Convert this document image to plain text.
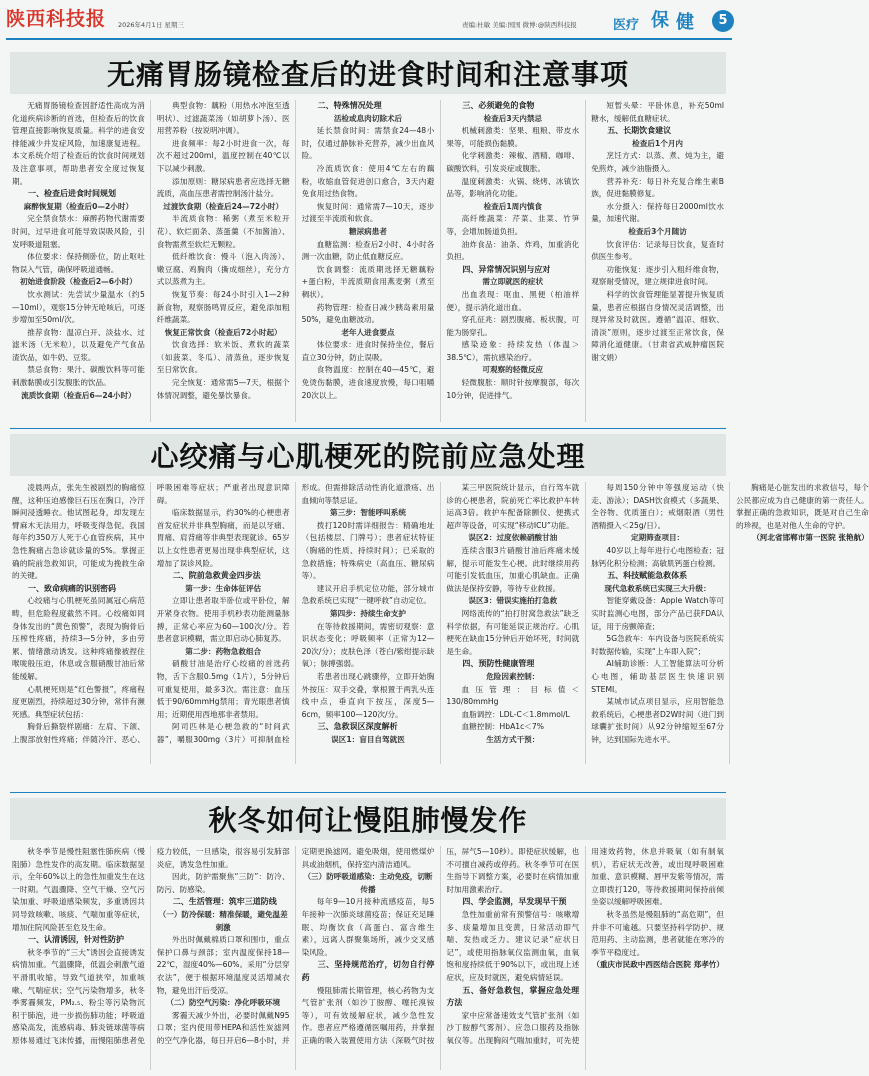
陕西科技报 2026年4月1日 星期三	责编:杜敏 美编:国国 微博:@陕西科技报	医疗 保 健	5
无痛胃肠镜检查后的进食时间和注意事项

无痛胃肠镜检查因舒适性高成为消化道疾病诊断的首选，但检查后的饮食管理直接影响恢复质量。科学的进食安排能减少并发症风险，加速康复进程。本文系统介绍了检查后的饮食时间规划及注意事项，帮助患者安全度过恢复期。

一、检查后进食时间规划
麻醉恢复期（检查后0—2小时）

完全禁食禁水：麻醉药物代谢需要时间，过早进食可能导致误吸风险，引发呼吸道阻塞。

体位要求：保持侧卧位，防止呕吐物误入气管，确保呼吸道通畅。

初始进食阶段（检查后2—6小时）

饮水测试：先尝试少量温水（约5—10ml），观察15分钟无呛咳后，可逐步增加至50ml/次。

推荐食物：温凉白开、淡盐水、过滤米汤（无米粒），以及避免产气食品渣饮品，如牛奶、豆浆。

禁忌食物：果汁、碳酸饮料等可能刺激黏膜或引发腹胀的饮品。

流质饮食期（检查后6—24小时）

典型食物：藕粉（用热水冲泡至透明状）、过滤蔬菜汤（如胡萝卜汤）、医用营养粉（按说明冲调）。

进食频率：每2小时进食一次，每次不超过200ml，温度控制在40℃以下以减少刺激。

添加原则：糖尿病患者应选择无糖流质，高血压患者需控制汤汁盐分。

过渡饮食期（检查后24—72小时）

半流质食物：稀粥（煮至米粒开花）、软烂面条、蒸蛋羹（不加酱油）、食物需煮至软烂无颗粒。

低纤维饮食：慢斗（泡入肉汤）、嫩豆腐、鸡胸肉（撕成细丝），充分方式以蒸煮为主。

恢复节奏：每24小时引入1—2种新食物，观察肠鸣胃反应，避免添加粗纤维蔬菜。

恢复正常饮食（检查后72小时起）

饮食选择：软米饭、煮软的蔬菜（如菠菜、冬瓜）、清蒸鱼，逐步恢复至日常饮食。

完全恢复：通常需5—7天，根据个体情况调整，避免暴饮暴食。

二、特殊情况处理
活检或息肉切除术后

延长禁食时间：需禁食24—48小时，仅通过静脉补充营养，减少出血风险。

冷流质饮食：使用4℃左右的藕粉，收缩血管促进创口愈合，3天内避免食用过热食物。

恢复时间：通常需7—10天，逐步过渡至半流质和软食。

糖尿病患者

血糖监测：检查后2小时、4小时各测一次血糖，防止低血糖反应。

饮食调整：流质期选择无糖藕粉+蛋白粉，半流质期食用燕麦粥（煮至稠状）。

药物管理：检查日减少胰岛素用量50%，避免血糖波动。

老年人进食要点

体位要求：进食时保持坐位，餐后直立30分钟，防止误吸。

食物温度：控制在40—45℃，避免烫伤黏膜，进食速度放慢，每口咀嚼20次以上。

三、必须避免的食物
检查后3天内禁忌

机械刺激类：坚果、粗粮、带皮水果等，可能损伤黏膜。

化学刺激类：辣椒、酒精、咖啡、碳酸饮料，引发炎症或腹胀。

温度刺激类：火锅、烧烤、冰镇饮品等，影响消化功能。

检查后1周内慎食

高纤维蔬菜：芹菜、韭菜、竹笋等，会增加肠道负担。

油炸食品：油条、炸鸡，加重消化负担。

四、异常情况识别与应对
需立即就医的症状

出血表现：呕血、黑便（柏油样便），提示消化道出血。

穿孔征兆：剧烈腹痛、板状腹，可能为肠穿孔。

感染迹象：持续发热（体温＞38.5℃），需抗感染治疗。

可观察的轻微反应

轻微腹胀：顺时针按摩腹部，每次10分钟，促进排气。

短暂头晕：平卧休息，补充50ml糖水，缓解低血糖症状。

五、长期饮食建议
检查后1个月内

烹饪方式：以蒸、煮、炖为主，避免煎炸，减少油脂摄入。

营养补充：每日补充复合维生素B族，促进黏膜修复。

水分摄入：保持每日2000ml饮水量，加速代谢。

检查后3个月随访

饮食评估：记录每日饮食，复查时供医生参考。

功能恢复：逐步引入粗纤维食物，观察耐受情况，建立规律进食时间。

科学的饮食管理能显著提升恢复质量，患者应根据自身情况灵活调整，出现异常及时就医。遵循“温凉、细软、清淡”原则，逐步过渡至正常饮食，保障消化道健康。（甘肃省武威肿瘤医院 谢文娟）

心绞痛与心肌梗死的院前应急处理

凌晨两点，张先生被剧烈的胸痛惊醒，这种压迫感像巨石压在胸口，冷汗瞬间浸透睡衣。他试图起身，却发现左臂麻木无法用力，呼吸变得急促。我国每年约350万人死于心血管疾病，其中急性胸痛占急诊就诊量的5%。掌握正确的院前急救知识，可能成为挽救生命的关键。

一、致命病痛的识别密码

心绞痛与心肌梗死虽同属冠心病范畴，但危险程度截然不同。心绞痛如同身体发出的“黄色预警”，表现为胸骨后压榨性疼痛，持续3—5分钟，多由劳累、情绪激动诱发。这种疼痛像被捏住喉咙般压迫，休息或含服硝酸甘油后常能缓解。

心肌梗死则是“红色警报”，疼痛程度更剧烈，持续超过30分钟，常伴有濒死感。典型症状包括：

胸骨后撕裂样剧痛：左肩、下颌、上腹部放射性疼痛；伴随冷汗、恶心、呼吸困难等症状；严重者出现意识障碍。

临床数据显示，约30%的心梗患者首发症状并非典型胸痛，而是以牙痛、胃痛、肩背痛等非典型表现就诊。65岁以上女性患者更易出现非典型症状，这增加了误诊风险。

二、院前急救黄金四步法
第一步：生命体征评估

立即让患者取半卧位或平卧位，解开紧身衣物。使用手机秒表功能测量脉搏，正常心率应为60—100次/分。若患者意识模糊，需立即启动心肺复苏。

第二步：药物急救组合

硝酸甘油是治疗心绞痛的首选药物，舌下含服0.5mg（1片），5分钟后可重复使用，最多3次。需注意：血压低于90/60mmHg禁用；青光眼患者慎用；近期使用西地那非者禁用。

阿司匹林是心梗急救的“时间武器”，嚼服300mg（3片）可抑制血栓形成。但需排除活动性消化道溃疡、出血倾向等禁忌证。

第三步：智能呼叫系统

拨打120时需详细报告：精确地址（包括楼层、门牌号）；患者症状特征（胸痛的性质、持续时间）；已采取的急救措施；特殊病史（高血压、糖尿病等）。

建议开启手机定位功能，部分城市急救系统已实现“一键呼救”自动定位。

第四步：持续生命支护

在等待救援期间，需密切观察：意识状态变化；呼吸频率（正常为12—20次/分）；皮肤色泽（苍白/紫绀提示缺氧）；脉搏强弱。

若患者出现心跳骤停，立即开始胸外按压：双手交叠，掌根置于两乳头连线中点，垂直向下按压，深度5—6cm，频率100—120次/分。

三、急救误区深度解析
误区1：盲目自驾就医

某三甲医院统计显示，自行驾车就诊的心梗患者，院前死亡率比救护车转运高3倍。救护车配备除颤仪、便携式超声等设备，可实现“移动ICU”功能。

误区2：过度依赖硝酸甘油

连续含服3片硝酸甘油后疼痛未缓解，提示可能发生心梗。此时继续用药可能引发低血压，加重心肌缺血。正确做法是保持安静，等待专业救援。

误区3：错误实施拍打急救

网络流传的“拍打肘窝急救法”缺乏科学依据，有可能延误正规治疗。心肌梗死在缺血15分钟后开始坏死，时间就是生命。

四、预防性健康管理
危险因素控制：

血压管理：目标值＜130/80mmHg

血脂调控：LDL-C＜1.8mmol/L

血糖控制：HbA1c＜7%

生活方式干预：

每周150分钟中等强度运动（快走、游泳）；DASH饮食模式（多蔬果、全谷物、优质蛋白）；戒烟限酒（男性酒精摄入＜25g/日）。

定期筛查项目：

40岁以上每年进行心电图检查；冠脉钙化积分检测；高敏肌钙蛋白检测。

五、科技赋能急救体系
现代急救系统已实现三大升级：

智能穿戴设备：Apple Watch等可实时监测心电图，部分产品已获FDA认证，用于房颤筛查；

5G急救车：车内设备与医院系统实时数据传输，实现“上车即入院”；

AI辅助诊断：人工智能算法可分析心电图，辅助基层医生快速识别STEMI。

某城市试点项目显示，应用智能急救系统后，心梗患者D2W时间（进门到球囊扩张时间）从92分钟缩短至67分钟，达到国际先进水平。

胸痛是心脏发出的求救信号，每个公民都应成为自己健康的第一责任人。掌握正确的急救知识，既是对自己生命的珍视，也是对他人生命的守护。

（河北省邯郸市第一医院 张艳航）

秋冬如何让慢阻肺慢发作

秋冬季节是慢性阻塞性肺疾病（慢阻肺）急性发作的高发期。临床数据显示，全年60%以上的急性加重发生在这一时期。气温骤降、空气干燥、空气污染加重、呼吸道感染频发，多重诱因共同导致咳嗽、咳痰、气喘加重等症状，增加住院风险甚至危及生命。

一、认清诱因，针对性防护

秋冬季节的“三大”诱因会直接诱发病情加重。气温骤降，低温会刺激气道平滑肌收缩，导致气道狭窄，加重咳嗽、气喘症状；空气污染物增多，秋冬季雾霾频发，PM₂.₅、粉尘等污染物沉积于肺泡，进一步损伤肺功能；呼吸道感染高发，流感病毒、肺炎链球菌等病原体易通过飞沫传播，而慢阻肺患者免疫力较低，一旦感染，很容易引发肺部炎症，诱发急性加重。

因此，防护需聚焦“三防”：防冷、防污、防感染。

二、生活管理：筑牢三道防线
（一）防冷保暖：精准保暖，避免温差刺激

外出时佩戴棉质口罩和围巾，重点保护口鼻与颈部；室内温度保持18—22℃，湿度40%—60%。采用“分层穿衣法”，便于根据环境温度灵活增减衣物，避免出汗后受凉。

（二）防空气污染：净化呼吸环境

雾霾天减少外出，必要时佩戴N95口罩；室内使用带HEPA和活性炭滤网的空气净化器，每日开启6—8小时，并定期更换滤网。避免吸烟，使用燃煤炉具或油烟机，保持室内清洁通风。

（三）防呼吸道感染：主动免疫，切断传播

每年9—10月接种流感疫苗，每5年接种一次肺炎球菌疫苗；保证充足睡眠、均衡饮食（高蛋白、富含维生素），远离人群聚集场所，减少交叉感染风险。

三、坚持规范治疗，切勿自行停药

慢阻肺需长期管理，核心药物为支气管扩张剂（如沙丁胺醇、噻托溴铵等），可有效缓解症状，减少急性发作。患者应严格遵循医嘱用药，并掌握正确的吸入装置使用方法（深吸气时按压，屏气5—10秒）。即使症状缓解，也不可擅自减药或停药。秋冬季节可在医生指导下调整方案，必要时在病情加重时加用激素治疗。

四、学会监测，早发现早干预

急性加重前常有预警信号：咳嗽增多、痰量增加且变黄，日常活动即气喘、发热或乏力。建议记录“症状日记”，或使用指脉氧仪监测血氧，血氧饱和度持续低于90%以下，或出现上述症状，应及时就医，避免病情延误。

五、备好急救包，掌握应急处理方法

家中应常备速效支气管扩张剂（如沙丁胺醇气雾剂）、应急口服药及指脉氧仪等。出现胸闷气喘加重时，可先使用速效药物，休息并吸氧（如有制氧机），若症状无改善，或出现呼吸困难加重、意识模糊、唇甲发紫等情况，需立即拨打120，等待救援期间保持前倾坐姿以缓解呼吸困难。

秋冬虽然是慢阻肺的“高危期”，但并非不可逾越。只要坚持科学防护、规范用药、主动监测，患者就能在寒冷的季节平稳度过。

（重庆市民政中西医结合医院 郑孝竹）
